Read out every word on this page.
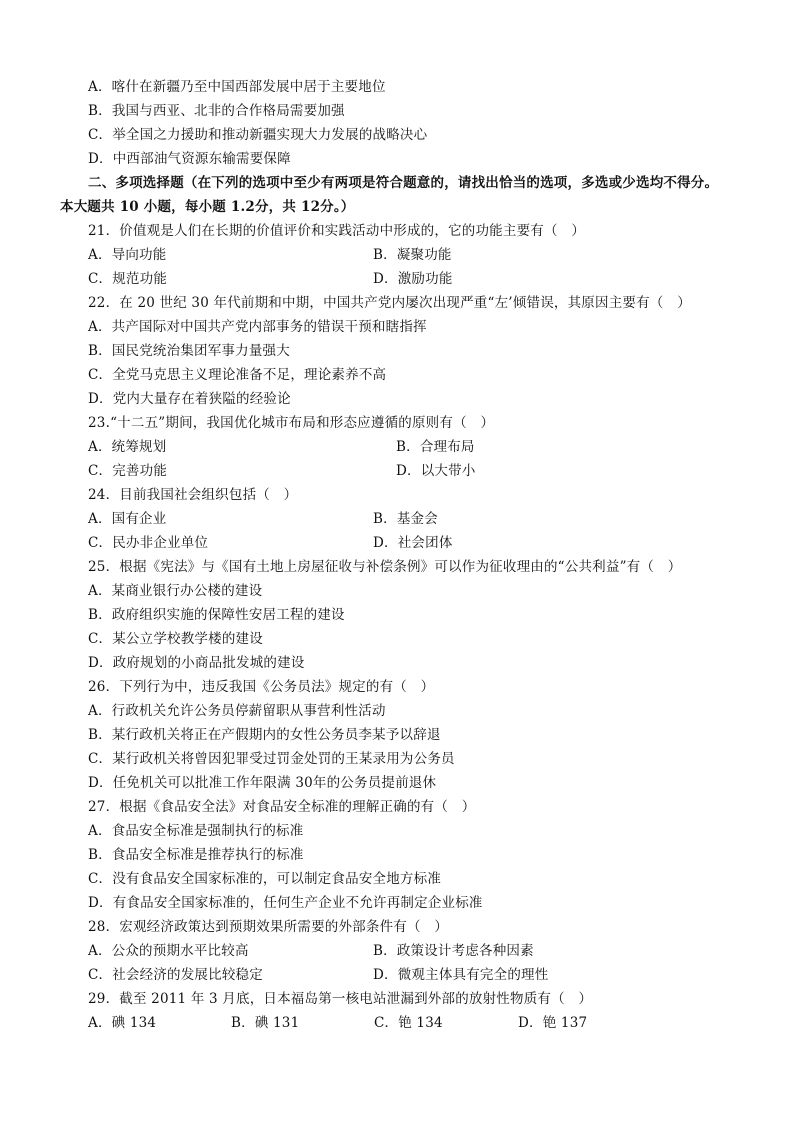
A．喀什在新疆乃至中国西部发展中居于主要地位
B．我国与西亚、北非的合作格局需要加强
C．举全国之力援助和推动新疆实现大力发展的战略决心
D．中西部油气资源东输需要保障
二、多项选择题（在下列的选项中至少有两项是符合题意的，请找出恰当的选项，多选或少选均不得分。
本大题共 10 小题，每小题 1.2分，共 12分。）
21．价值观是人们在长期的价值评价和实践活动中形成的，它的功能主要有（　）
A．导向功能	B．凝聚功能
C．规范功能	D．激励功能
22．在 20 世纪 30 年代前期和中期，中国共产党内屡次出现严重“左’倾错误，其原因主要有（　）
A．共产国际对中国共产党内部事务的错误干预和瞎指挥
B．国民党统治集团军事力量强大
C．全党马克思主义理论准备不足，理论素养不高
D．党内大量存在着狭隘的经验论
23.“十二五”期间，我国优化城市布局和形态应遵循的原则有（　）
A．统筹规划	B．合理布局
C．完善功能	D．以大带小
24．目前我国社会组织包括（　）
A．国有企业	B．基金会
C．民办非企业单位	D．社会团体
25．根据《宪法》与《国有土地上房屋征收与补偿条例》可以作为征收理由的“公共利益”有（　）
A．某商业银行办公楼的建设
B．政府组织实施的保障性安居工程的建设
C．某公立学校教学楼的建设
D．政府规划的小商品批发城的建设
26．下列行为中，违反我国《公务员法》规定的有（　）
A．行政机关允许公务员停薪留职从事营利性活动
B．某行政机关将正在产假期内的女性公务员李某予以辞退
C．某行政机关将曾因犯罪受过罚金处罚的王某录用为公务员
D．任免机关可以批准工作年限满 30年的公务员提前退休
27．根据《食品安全法》对食品安全标准的理解正确的有（　）
A．食品安全标准是强制执行的标准
B．食品安全标准是推荐执行的标准
C．没有食品安全国家标准的，可以制定食品安全地方标准
D．有食品安全国家标准的，任何生产企业不允许再制定企业标准
28．宏观经济政策达到预期效果所需要的外部条件有（　）
A．公众的预期水平比较高	B．政策设计考虑各种因素
C．社会经济的发展比较稳定	D．微观主体具有完全的理性
29．截至 2011 年 3 月底，日本福岛第一核电站泄漏到外部的放射性物质有（　）
A．碘 134	B．碘 131	C．铯 134	D．铯 137
